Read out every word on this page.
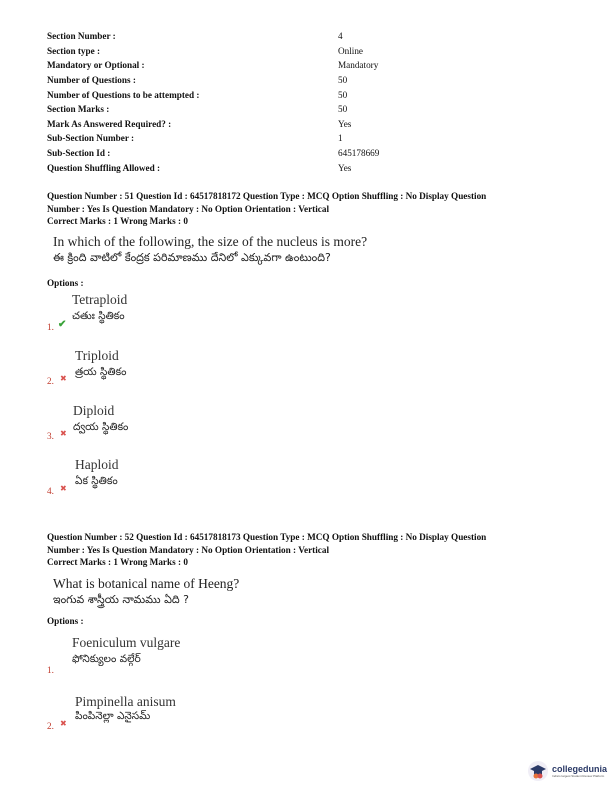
Section Number :	4
Section type :	Online
Mandatory or Optional :	Mandatory
Number of Questions :	50
Number of Questions to be attempted :	50
Section Marks :	50
Mark As Answered Required? :	Yes
Sub-Section Number :	1
Sub-Section Id :	645178669
Question Shuffling Allowed :	Yes
Question Number : 51 Question Id : 64517818172 Question Type : MCQ Option Shuffling : No Display Question
Number : Yes Is Question Mandatory : No Option Orientation : Vertical
Correct Marks : 1 Wrong Marks : 0
In which of the following, the size of the nucleus is more?
ఈ క్రింది వాటిలో కేంద్రక పరిమాణము దేనిలో ఎక్కువగా ఉంటుంది?
Options :
Tetraploid
చతుః స్థితికం
1. ✔
Triploid
త్రయ స్థితికం
2. ✖
Diploid
ద్వయ స్థితికం
3. ✖
Haploid
ఏక స్థితికం
4. ✖
Question Number : 52 Question Id : 64517818173 Question Type : MCQ Option Shuffling : No Display Question
Number : Yes Is Question Mandatory : No Option Orientation : Vertical
Correct Marks : 1 Wrong Marks : 0
What is botanical name of Heeng?
ఇంగువ శాస్త్రీయ నామము ఏది ?
Options :
Foeniculum vulgare
ఫోనిక్యులం వల్గేర్
1.
Pimpinella anisum
పింపినెల్లా ఎనైసమ్
2. ✖
collegedunia
India's largest Student Review Platform
